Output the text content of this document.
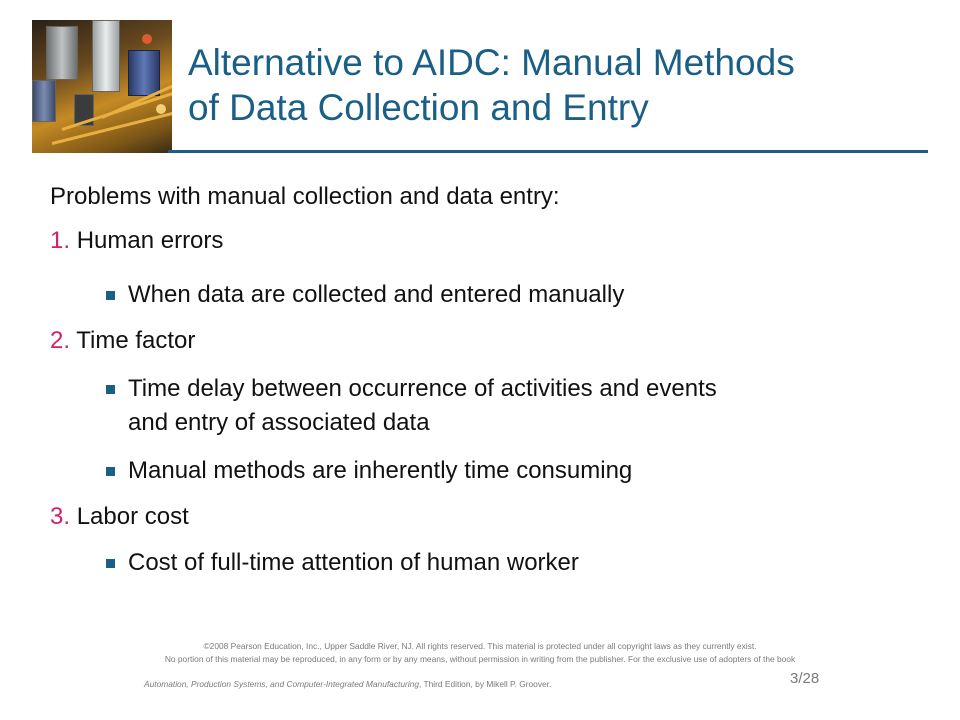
Alternative to AIDC: Manual Methods
of Data Collection and Entry
Problems with manual collection and data entry:
1. Human errors
When data are collected and entered manually
2. Time factor
Time delay between occurrence of activities and events
and entry of associated data
Manual methods are inherently time consuming
3. Labor cost
Cost of full-time attention of human worker
©2008 Pearson Education, Inc., Upper Saddle River, NJ. All rights reserved. This material is protected under all copyright laws as they currently exist.
No portion of this material may be reproduced, in any form or by any means, without permission in writing from the publisher. For the exclusive use of adopters of the book
Automation, Production Systems, and Computer-Integrated Manufacturing, Third Edition, by Mikell P. Groover.	3/28
